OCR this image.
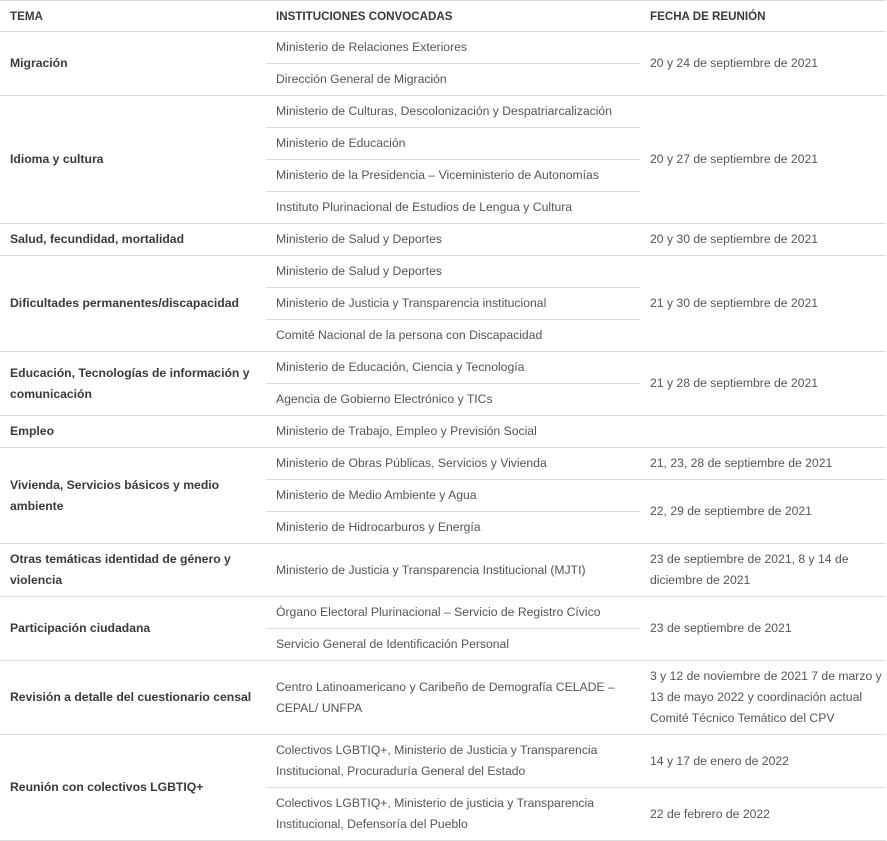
TEMA	INSTITUCIONES CONVOCADAS	FECHA DE REUNIÓN
Migración	Ministerio de Relaciones Exteriores	20 y 24 de septiembre de 2021
	Dirección General de Migración	
Idioma y cultura	Ministerio de Culturas, Descolonización y Despatriarcalización	20 y 27 de septiembre de 2021
	Ministerio de Educación	
	Ministerio de la Presidencia – Viceministerio de Autonomías	
	Instituto Plurinacional de Estudios de Lengua y Cultura	
Salud, fecundidad, mortalidad	Ministerio de Salud y Deportes	20 y 30 de septiembre de 2021
Dificultades permanentes/discapacidad	Ministerio de Salud y Deportes	21 y 30 de septiembre de 2021
	Ministerio de Justicia y Transparencia institucional	
	Comité Nacional de la persona con Discapacidad	
Educación, Tecnologías de información y comunicación	Ministerio de Educación, Ciencia y Tecnología	21 y 28 de septiembre de 2021
	Agencia de Gobierno Electrónico y TICs	
Empleo	Ministerio de Trabajo, Empleo y Previsión Social	
Vivienda, Servicios básicos y medio ambiente	Ministerio de Obras Públicas, Servicios y Vivienda	21, 23, 28 de septiembre de 2021
	Ministerio de Medio Ambiente y Agua	22, 29 de septiembre de 2021
	Ministerio de Hidrocarburos y Energía	
Otras temáticas identidad de género y violencia	Ministerio de Justicia y Transparencia Institucional (MJTI)	23 de septiembre de 2021, 8 y 14 de diciembre de 2021
Participación ciudadana	Órgano Electoral Plurinacional – Servicio de Registro Cívico	23 de septiembre de 2021
	Servicio General de Identificación Personal	
Revisión a detalle del cuestionario censal	Centro Latinoamericano y Caribeño de Demografía CELADE – CEPAL/ UNFPA	3 y 12 de noviembre de 2021 7 de marzo y 13 de mayo 2022 y coordinación actual Comité Técnico Temático del CPV
Reunión con colectivos LGBTIQ+	Colectivos LGBTIQ+, Ministerio de Justicia y Transparencia Institucional, Procuraduría General del Estado	14 y 17 de enero de 2022
	Colectivos LGBTIQ+, Ministerio de justicia y Transparencia Institucional, Defensoría del Pueblo	22 de febrero de 2022
